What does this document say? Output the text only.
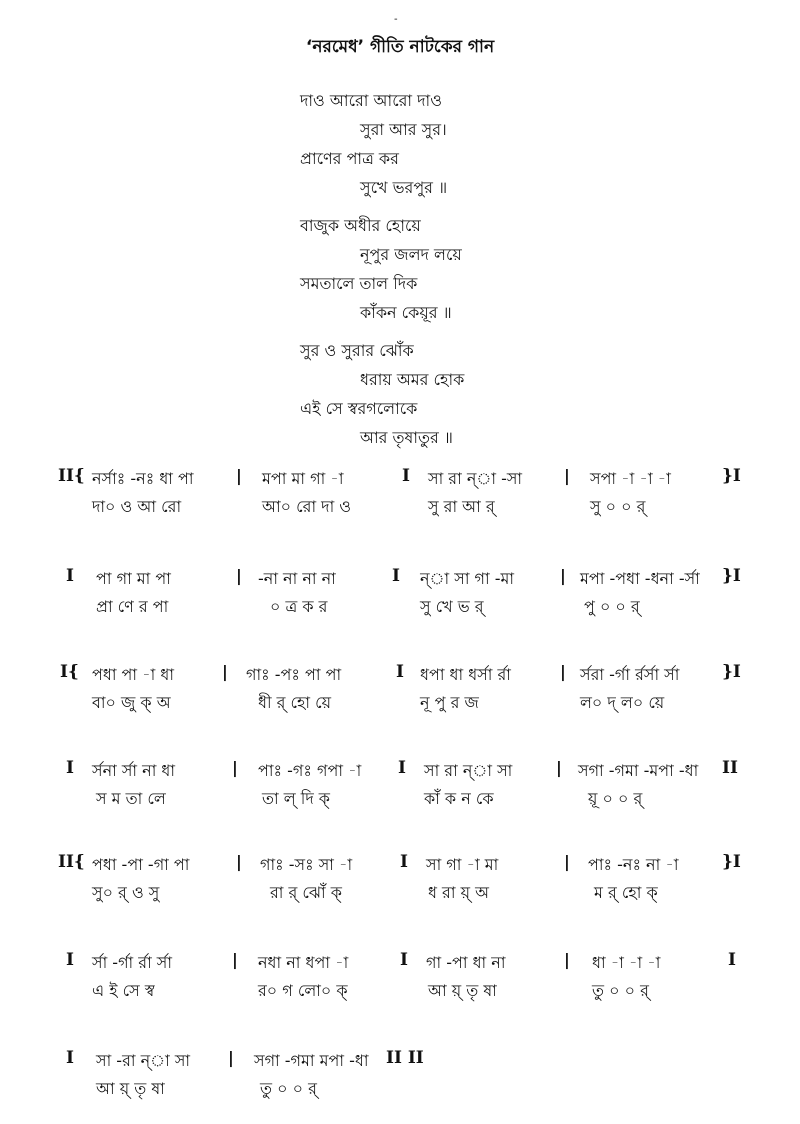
-
‘নরমেধ’ গীতি নাটকের গান
দাও আরো আরো দাও
সুরা আর সুর।
প্রাণের পাত্র কর
সুখে ভরপুর ॥
বাজুক অধীর হোয়ে
নূপুর জলদ লয়ে
সমতালে তাল দিক
কাঁকন কেয়ূর ॥
সুর ও সুরার ঝোঁক
ধরায় অমর হোক
এই সে স্বরগলোকে
আর তৃষাতুর ॥
II{ নর্সাঃ -নঃ ধা পা	| মপা মা গা -া	I সা রা ন্‌া -সা	| সপা -া -া -া	}I
দা০ ও আ রো	আ০ রো দা ও	সু রা আ র্	সু ০ ০ র্
I পা গা মা পা	| -না না না না	I ন্‌া সা গা -মা	| মপা -পধা -ধনা -র্সা }I
প্রা ণে র পা	০ ত্র ক র	সু খে ভ র্	পু ০ ০ র্
I{ পধা পা -া ধা	| গাঃ -পঃ পা পা	I ধপা ধা ধর্সা র্রা	| র্সরা -র্গা র্রর্সা র্সা	}I
বা০ জু ক্ অ	ধী র্ হো য়ে	নূ পু র জ	ল০ দ্ ল০ য়ে
I র্সনা র্সা না ধা	| পাঃ -গঃ গপা -া I সা রা ন্‌া সা	| সগা -গমা -মপা -ধা II
স ম তা লে	তা ল্ দি ক্	কাঁ ক ন কে	য়ূ ০ ০ র্
II{ পধা -পা -গা পা	| গাঃ -সঃ সা -া	I সা গা -া মা	| পাঃ -নঃ না -া	}I
সু০ র্ ও সু	রা র্ ঝোঁ ক্	ধ রা য়্ অ	ম র্ হো ক্
I র্সা -র্গা র্রা র্সা	| নধা না ধপা -া	I গা -পা ধা না	| ধা -া -া -া	I
এ ই সে স্ব	র০ গ লো০ ক্	আ য়্ তৃ ষা	তু ০ ০ র্
I সা -রা ন্‌া সা | সগা -গমা মপা -ধা II II
আ য়্ তৃ ষা	তু ০ ০ র্
